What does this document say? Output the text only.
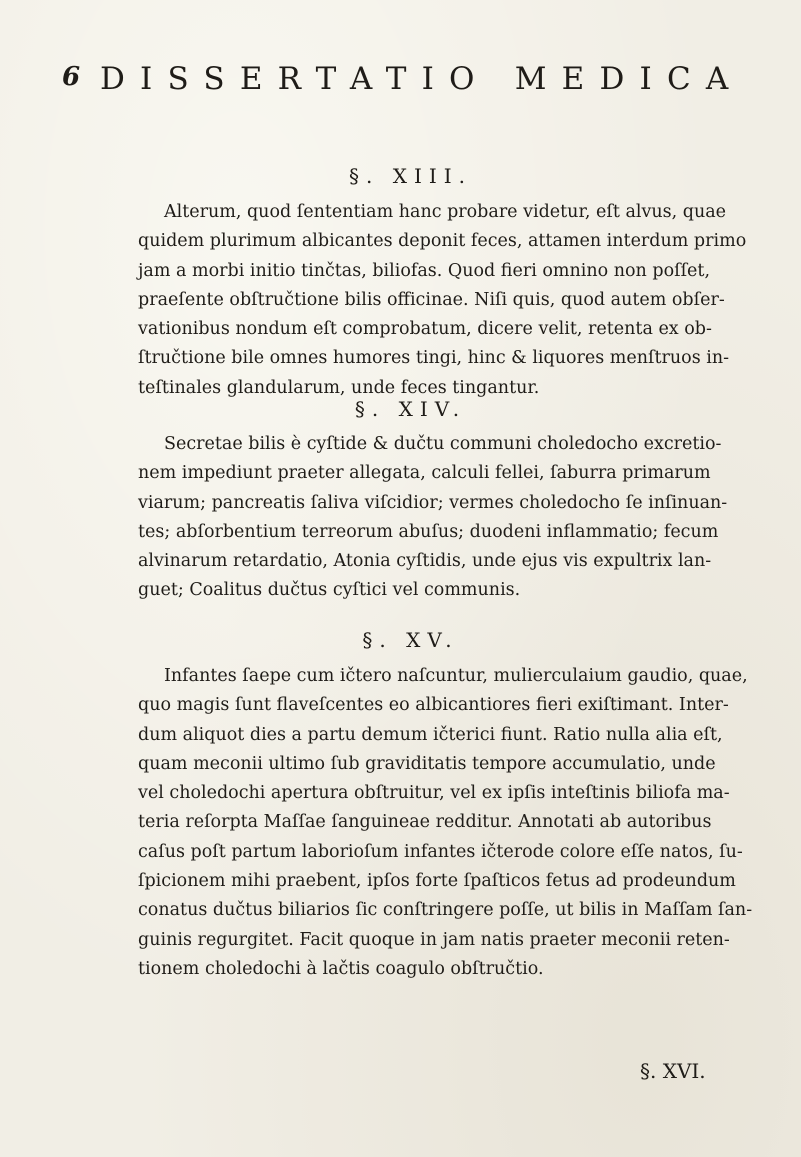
6 DISSERTATIO MEDICA
§. XIII.
Alterum, quod ſententiam hanc probare videtur, eſt alvus, quae
quidem plurimum albicantes deponit feces, attamen interdum primo
jam a morbi initio tinčtas, biliofas. Quod fieri omnino non poſſet,
praeſente obſtručtione bilis officinae. Niſi quis, quod autem obſer-
vationibus nondum eſt comprobatum, dicere velit, retenta ex ob-
ſtručtione bile omnes humores tingi, hinc & liquores menſtruos in-
teſtinales glandularum, unde feces tingantur.
§. XIV.
Secretae bilis è cyſtide & dučtu communi choledocho excretio-
nem impediunt praeter allegata, calculi fellei, ſaburra primarum
viarum; pancreatis ſaliva viſcidior; vermes choledocho ſe inſinuan-
tes; abſorbentium terreorum abuſus; duodeni inflammatio; fecum
alvinarum retardatio, Atonia cyſtidis, unde ejus vis expultrix lan-
guet; Coalitus dučtus cyſtici vel communis.
§. XV.
Infantes ſaepe cum ičtero naſcuntur, mulierculaium gaudio, quae,
quo magis ſunt flaveſcentes eo albicantiores fieri exiſtimant. Inter-
dum aliquot dies a partu demum ičterici fiunt. Ratio nulla alia eſt,
quam meconii ultimo ſub graviditatis tempore accumulatio, unde
vel choledochi apertura obſtruitur, vel ex ipſis inteſtinis biliofa ma-
teria reſorpta Maſſae ſanguineae redditur. Annotati ab autoribus
caſus poſt partum laborioſum infantes ičterode colore eſſe natos, ſu-
ſpicionem mihi praebent, ipſos forte ſpaſticos fetus ad prodeundum
conatus dučtus biliarios ſic conſtringere poſſe, ut bilis in Maſſam ſan-
guinis regurgitet. Facit quoque in jam natis praeter meconii reten-
tionem choledochi à lačtis coagulo obſtručtio.
§. XVI.
